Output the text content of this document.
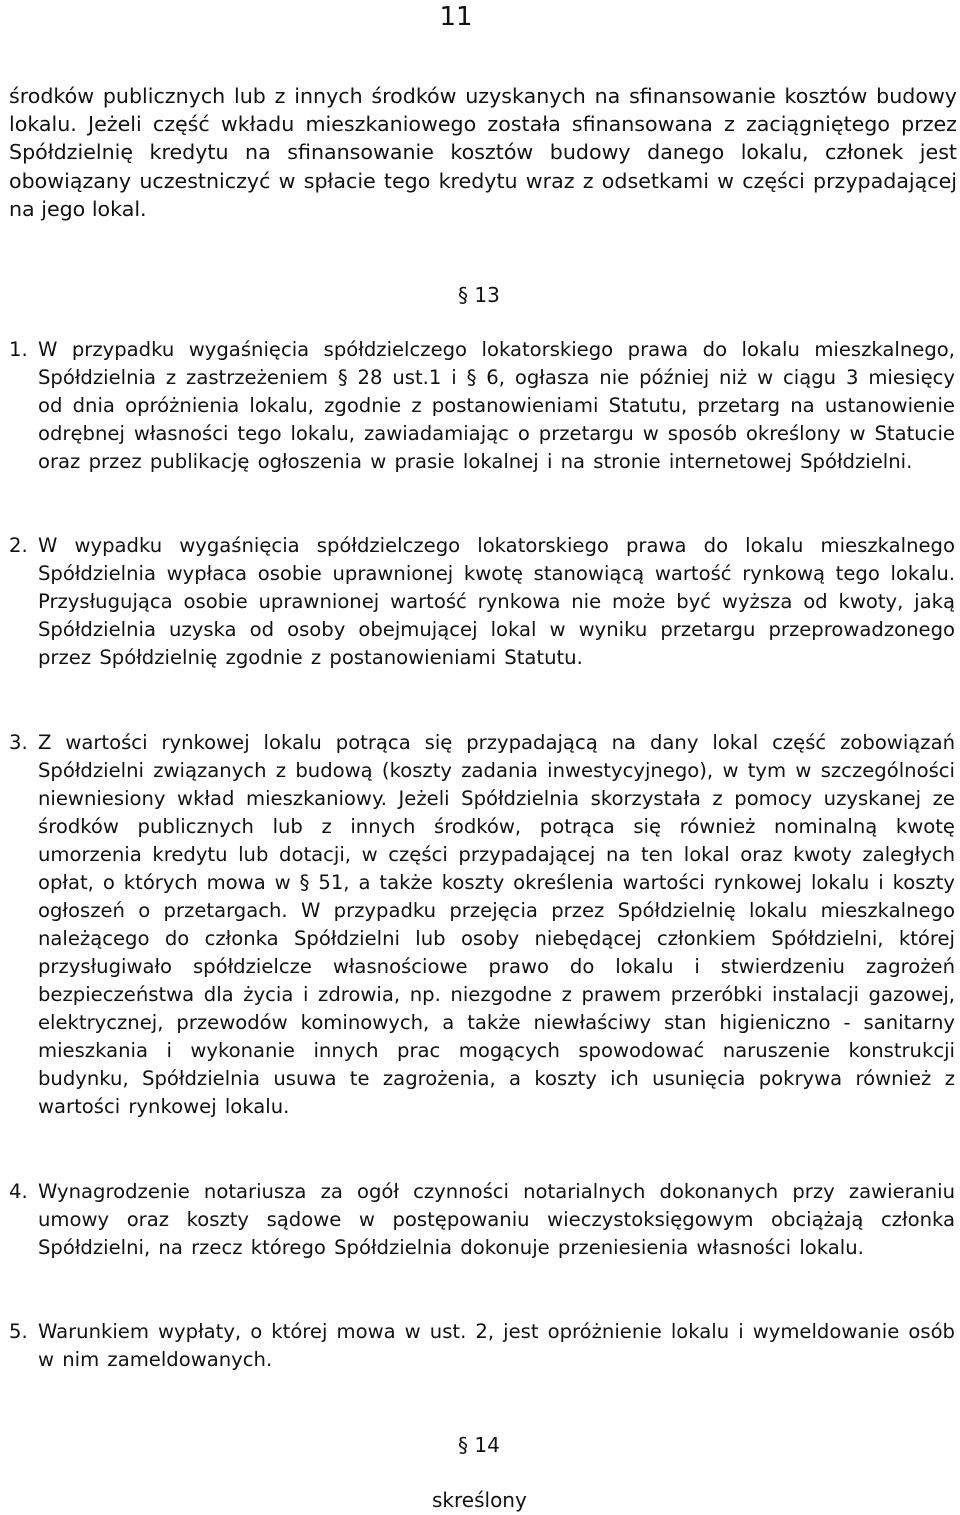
11

środków publicznych lub z innych środków uzyskanych na sfinansowanie kosztów budowy lokalu. Jeżeli część wkładu mieszkaniowego została sfinansowana z zaciągniętego przez Spółdzielnię kredytu na sfinansowanie kosztów budowy danego lokalu, członek jest obowiązany uczestniczyć w spłacie tego kredytu wraz z odsetkami w części przypadającej na jego lokal.

§ 13
1. W przypadku wygaśnięcia spółdzielczego lokatorskiego prawa do lokalu mieszkalnego, Spółdzielnia z zastrzeżeniem § 28 ust.1 i § 6, ogłasza nie później niż w ciągu 3 miesięcy od dnia opróżnienia lokalu, zgodnie z postanowieniami Statutu, przetarg na ustanowienie odrębnej własności tego lokalu, zawiadamiając o przetargu w sposób określony w Statucie oraz przez publikację ogłoszenia w prasie lokalnej i na stronie internetowej Spółdzielni.
2. W wypadku wygaśnięcia spółdzielczego lokatorskiego prawa do lokalu mieszkalnego Spółdzielnia wypłaca osobie uprawnionej kwotę stanowiącą wartość rynkową tego lokalu. Przysługująca osobie uprawnionej wartość rynkowa nie może być wyższa od kwoty, jaką Spółdzielnia uzyska od osoby obejmującej lokal w wyniku przetargu przeprowadzonego przez Spółdzielnię zgodnie z postanowieniami Statutu.
3. Z wartości rynkowej lokalu potrąca się przypadającą na dany lokal część zobowiązań Spółdzielni związanych z budową (koszty zadania inwestycyjnego), w tym w szczególności niewniesiony wkład mieszkaniowy. Jeżeli Spółdzielnia skorzystała z pomocy uzyskanej ze środków publicznych lub z innych środków, potrąca się również nominalną kwotę umorzenia kredytu lub dotacji, w części przypadającej na ten lokal oraz kwoty zaległych opłat, o których mowa w § 51, a także koszty określenia wartości rynkowej lokalu i koszty ogłoszeń o przetargach. W przypadku przejęcia przez Spółdzielnię lokalu mieszkalnego należącego do członka Spółdzielni lub osoby niebędącej członkiem Spółdzielni, której przysługiwało spółdzielcze własnościowe prawo do lokalu i stwierdzeniu zagrożeń bezpieczeństwa dla życia i zdrowia, np. niezgodne z prawem przeróbki instalacji gazowej, elektrycznej, przewodów kominowych, a także niewłaściwy stan higieniczno - sanitarny mieszkania i wykonanie innych prac mogących spowodować naruszenie konstrukcji budynku, Spółdzielnia usuwa te zagrożenia, a koszty ich usunięcia pokrywa również z wartości rynkowej lokalu.
4. Wynagrodzenie notariusza za ogół czynności notarialnych dokonanych przy zawieraniu umowy oraz koszty sądowe w postępowaniu wieczystoksięgowym obciążają członka Spółdzielni, na rzecz którego Spółdzielnia dokonuje przeniesienia własności lokalu.
5. Warunkiem wypłaty, o której mowa w ust. 2, jest opróżnienie lokalu i wymeldowanie osób w nim zameldowanych.
§ 14
skreślony
